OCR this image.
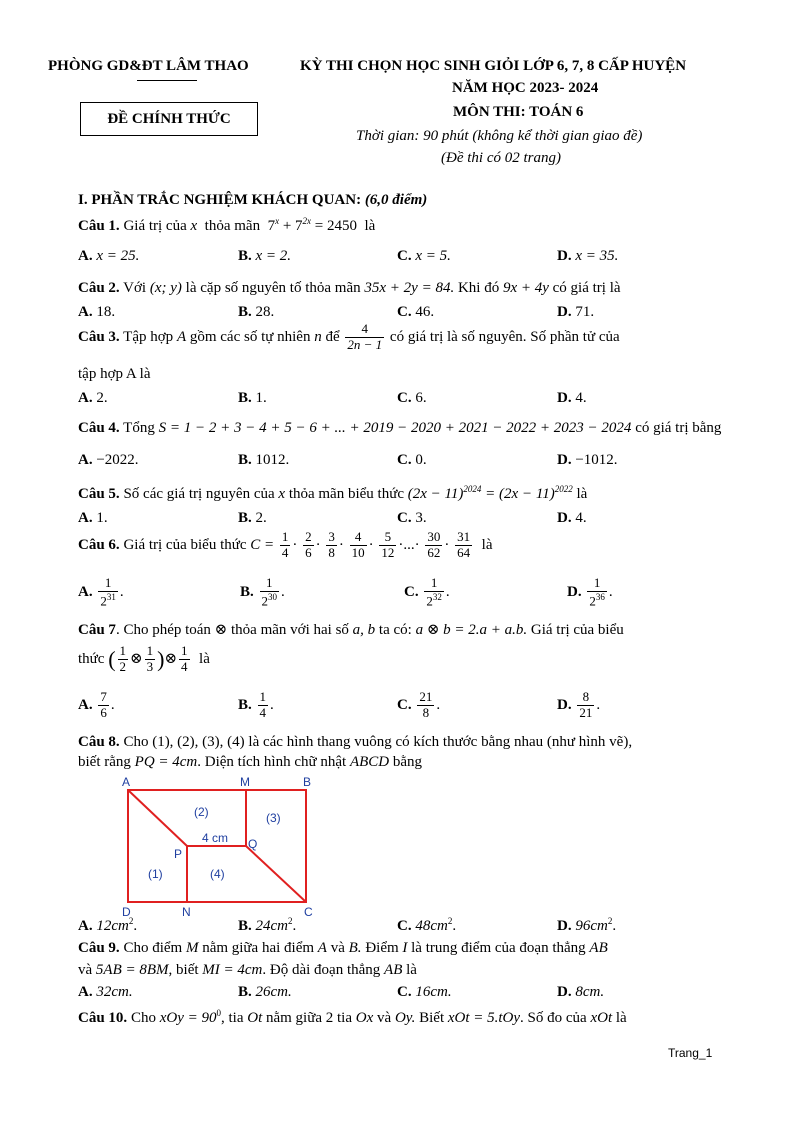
PHÒNG GD&ĐT LÂM THAO	KỲ THI CHỌN HỌC SINH GIỎI LỚP 6, 7, 8 CẤP HUYỆN
NĂM HỌC 2023- 2024
ĐỀ CHÍNH THỨC	MÔN THI: TOÁN 6
Thời gian: 90 phút (không kể thời gian giao đề)
(Đề thi có 02 trang)
I. PHẦN TRẮC NGHIỆM KHÁCH QUAN: (6,0 điểm)
Câu 1. Giá trị của x thỏa mãn $7^x + 7^{2x} = 2450$ là
A. x = 25.	B. x = 2.	C. x = 5.	D. x = 35.
Câu 2. Với (x; y) là cặp số nguyên tố thỏa mãn 35x + 2y = 84. Khi đó 9x + 4y có giá trị là
A. 18.	B. 28.	C. 46.	D. 71.
Câu 3. Tập hợp A gồm các số tự nhiên n để $\frac{4}{2n - 1}$ có giá trị là số nguyên. Số phần tử của
tập hợp A là
A. 2.	B. 1.	C. 6.	D. 4.
Câu 4. Tổng S = 1 − 2 + 3 − 4 + 5 − 6 + ... + 2019 − 2020 + 2021 − 2022 + 2023 − 2024 có giá trị bằng
A. −2022.	B. 1012.	C. 0.	D. −1012.
Câu 5. Số các giá trị nguyên của x thỏa mãn biểu thức $(2x - 11)^{2024} = (2x - 11)^{2022}$ là
A. 1.	B. 2.	C. 3.	D. 4.
Câu 6. Giá trị của biểu thức $C = \frac{1}{4} \cdot \frac{2}{6} \cdot \frac{3}{8} \cdot \frac{4}{10} \cdot \frac{5}{12}$ ·...· $\frac{30}{62} \cdot \frac{31}{64}$ là
A. $\frac{1}{2^{31}}$ .	B. $\frac{1}{2^{30}}$ .	C. $\frac{1}{2^{32}}$ .	D. $\frac{1}{2^{36}}$ .
Câu 7. Cho phép toán ⊗ thỏa mãn với hai số a, b ta có: a ⊗ b = 2.a + a.b. Giá trị của biểu
thức ( $\frac{1}{2}$ ⊗ $\frac{1}{3}$ )⊗ $\frac{1}{4}$ là
A. $\frac{7}{6}$ .	B. $\frac{1}{4}$ .	C. $\frac{21}{8}$ .	D. $\frac{8}{21}$ .
Câu 8. Cho (1), (2), (3), (4) là các hình thang vuông có kích thước bằng nhau (như hình vẽ),
biết rằng PQ = 4cm. Diện tích hình chữ nhật ABCD bằng
A	M	B
P
Q
D	N	C
(2)	(3)
(1)	(4)
4 cm
A. $12cm^2$.	B. $24cm^2$.	C. $48cm^2$.	D. $96cm^2$.
Câu 9. Cho điểm M nằm giữa hai điểm A và B. Điểm I là trung điểm của đoạn thẳng AB
và 5AB = 8BM, biết MI = 4cm. Độ dài đoạn thẳng AB là
A. 32cm.	B. 26cm.	C. 16cm.	D. 8cm.
Câu 10. Cho xOy = $90^0$, tia Ot nằm giữa 2 tia Ox và Oy. Biết xOt = 5.tOy. Số đo của xOt là
Trang_1
